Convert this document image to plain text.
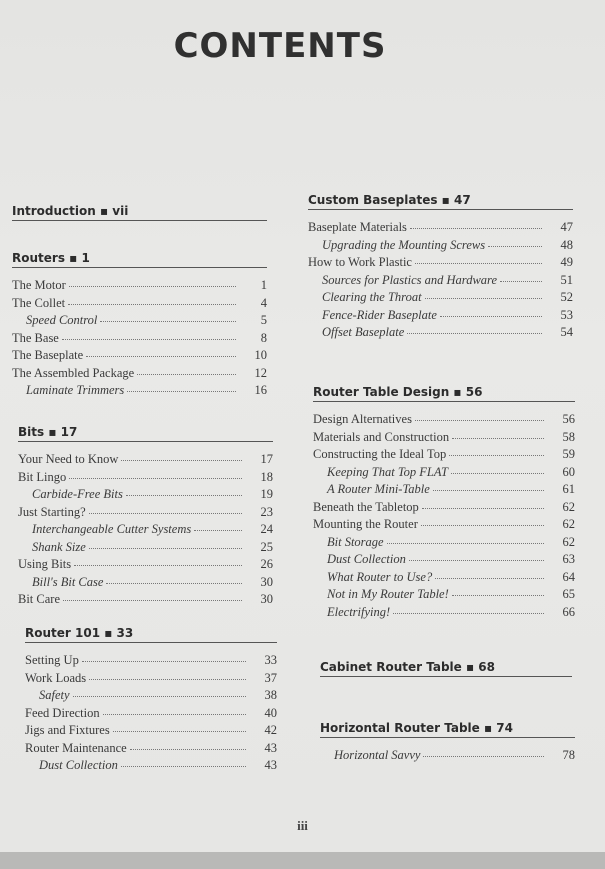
CONTENTS
Introduction ▪ vii
Routers ▪ 1
The Motor	1
The Collet	4
Speed Control	5
The Base	8
The Baseplate	10
The Assembled Package	12
Laminate Trimmers	16
Bits ▪ 17
Your Need to Know	17
Bit Lingo	18
Carbide-Free Bits	19
Just Starting?	23
Interchangeable Cutter Systems	24
Shank Size	25
Using Bits	26
Bill's Bit Case	30
Bit Care	30
Router 101 ▪ 33
Setting Up	33
Work Loads	37
Safety	38
Feed Direction	40
Jigs and Fixtures	42
Router Maintenance	43
Dust Collection	43
Custom Baseplates ▪ 47
Baseplate Materials	47
Upgrading the Mounting Screws	48
How to Work Plastic	49
Sources for Plastics and Hardware	51
Clearing the Throat	52
Fence-Rider Baseplate	53
Offset Baseplate	54
Router Table Design ▪ 56
Design Alternatives	56
Materials and Construction	58
Constructing the Ideal Top	59
Keeping That Top FLAT	60
A Router Mini-Table	61
Beneath the Tabletop	62
Mounting the Router	62
Bit Storage	62
Dust Collection	63
What Router to Use?	64
Not in My Router Table!	65
Electrifying!	66
Cabinet Router Table ▪ 68
Horizontal Router Table ▪ 74
Horizontal Savvy	78
iii
